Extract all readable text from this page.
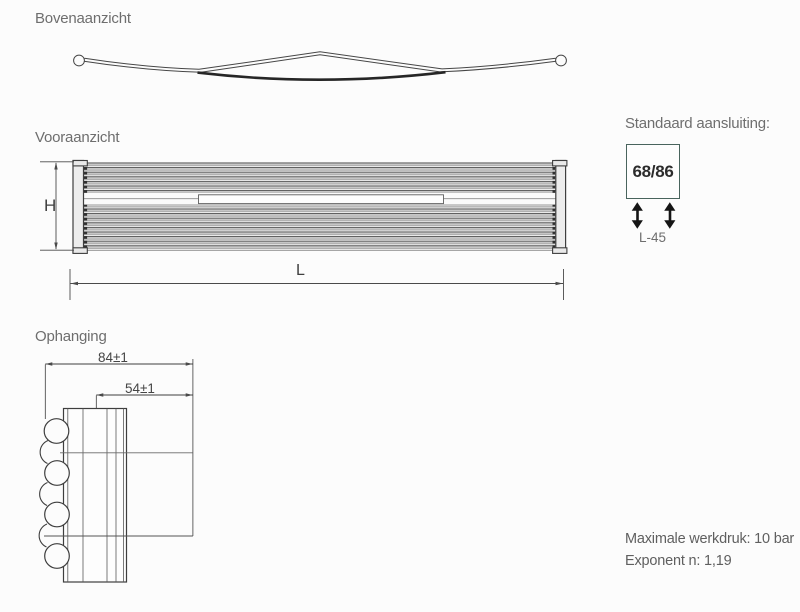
Bovenaanzicht
Vooraanzicht
Ophanging
H
L
84±1
54±1
Standaard aansluiting:
68/86
L-45
Maximale werkdruk: 10 bar
Exponent n: 1,19
